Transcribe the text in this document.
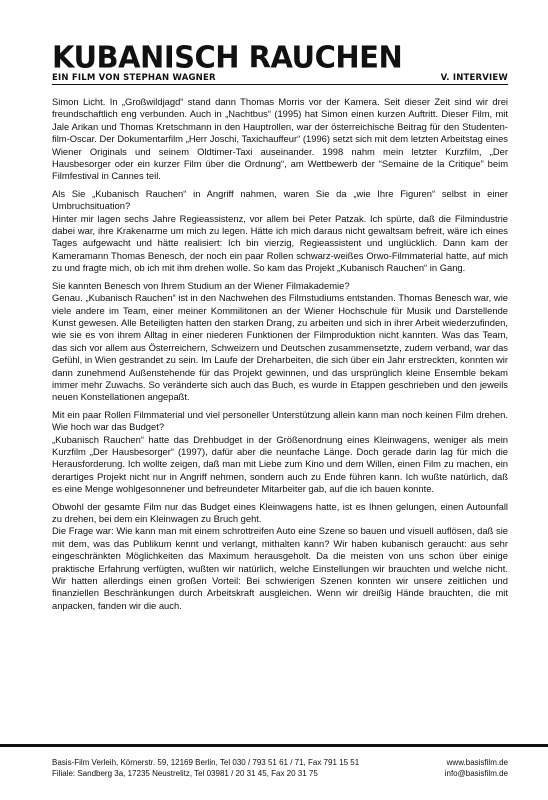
KUBANISCH RAUCHEN
EIN FILM VON STEPHAN WAGNER	V. INTERVIEW

Simon Licht. In „Großwildjagd“ stand dann Thomas Morris vor der Kamera. Seit dieser Zeit sind wir drei freundschaftlich eng verbunden. Auch in „Nachtbus“ (1995) hat Simon einen kurzen Auftritt. Dieser Film, mit Jale Arikan und Thomas Kretschmann in den Hauptrollen, war der österreichische Beitrag für den Studenten-film-Oscar. Der Dokumentarfilm „Herr Joschi, Taxichauffeur“ (1996) setzt sich mit dem letzten Arbeitstag eines Wiener Originals und seinem Oldtimer-Taxi auseinander. 1998 nahm mein letzter Kurzfilm, „Der Hausbesorger oder ein kurzer Film über die Ordnung“, am Wettbewerb der “Semaine de la Critique” beim Filmfestival in Cannes teil.

Als Sie „Kubanisch Rauchen“ in Angriff nahmen, waren Sie da „wie Ihre Figuren“ selbst in einer Umbruchsituation?

Hinter mir lagen sechs Jahre Regieassistenz, vor allem bei Peter Patzak. Ich spürte, daß die Filmindustrie dabei war, ihre Krakenarme um mich zu legen. Hätte ich mich daraus nicht gewaltsam befreit, wäre ich eines Tages aufgewacht und hätte realisiert: Ich bin vierzig, Regieassistent und unglücklich. Dann kam der Kameramann Thomas Benesch, der noch ein paar Rollen schwarz-weißes Orwo-Filmmaterial hatte, auf mich zu und fragte mich, ob ich mit ihm drehen wolle. So kam das Projekt „Kubanisch Rauchen“ in Gang.

Sie kannten Benesch von Ihrem Studium an der Wiener Filmakademie?

Genau. „Kubanisch Rauchen“ ist in den Nachwehen des Filmstudiums entstanden. Thomas Benesch war, wie viele andere im Team, einer meiner Kommilitonen an der Wiener Hochschule für Musik und Darstellende Kunst gewesen. Alle Beteiligten hatten den starken Drang, zu arbeiten und sich in ihrer Arbeit wiederzufinden, wie sie es von ihrem Alltag in einer niederen Funktionen der Filmproduktion nicht kannten. Was das Team, das sich vor allem aus Österreichern, Schweizern und Deutschen zusammensetzte, zudem verband, war das Gefühl, in Wien gestrandet zu sein. Im Laufe der Dreharbeiten, die sich über ein Jahr erstreckten, konnten wir dann zunehmend Außenstehende für das Projekt gewinnen, und das ursprünglich kleine Ensemble bekam immer mehr Zuwachs. So veränderte sich auch das Buch, es wurde in Etappen geschrieben und den jeweils neuen Konstellationen angepaßt.

Mit ein paar Rollen Filmmaterial und viel personeller Unterstützung allein kann man noch keinen Film drehen. Wie hoch war das Budget?

„Kubanisch Rauchen“ hatte das Drehbudget in der Größenordnung eines Kleinwagens, weniger als mein Kurzfilm „Der Hausbesorger“ (1997), dafür aber die neunfache Länge. Doch gerade darin lag für mich die Herausforderung. Ich wollte zeigen, daß man mit Liebe zum Kino und dem Willen, einen Film zu machen, ein derartiges Projekt nicht nur in Angriff nehmen, sondern auch zu Ende führen kann. Ich wußte natürlich, daß es eine Menge wohlgesonnener und befreundeter Mitarbeiter gab, auf die ich bauen konnte.

Obwohl der gesamte Film nur das Budget eines Kleinwagens hatte, ist es Ihnen gelungen, einen Autounfall zu drehen, bei dem ein Kleinwagen zu Bruch geht.

Die Frage war: Wie kann man mit einem schrottreifen Auto eine Szene so bauen und visuell auflösen, daß sie mit dem, was das Publikum kennt und verlangt, mithalten kann? Wir haben kubanisch geraucht: aus sehr eingeschränkten Möglichkeiten das Maximum herausgeholt. Da die meisten von uns schon über einige praktische Erfahrung verfügten, wußten wir natürlich, welche Einstellungen wir brauchten und welche nicht. Wir hatten allerdings einen großen Vorteil: Bei schwierigen Szenen konnten wir unsere zeitlichen und finanziellen Beschränkungen durch Arbeitskraft ausgleichen. Wenn wir dreißig Hände brauchten, die mit anpacken, fanden wir die auch.

Basis-Film Verleih, Körnerstr. 59, 12169 Berlin, Tel 030 / 793 51 61 / 71, Fax 791 15 51	www.basisfilm.de
Filiale: Sandberg 3a, 17235 Neustrelitz, Tel 03981 / 20 31 45, Fax 20 31 75	info@basisfilm.de
